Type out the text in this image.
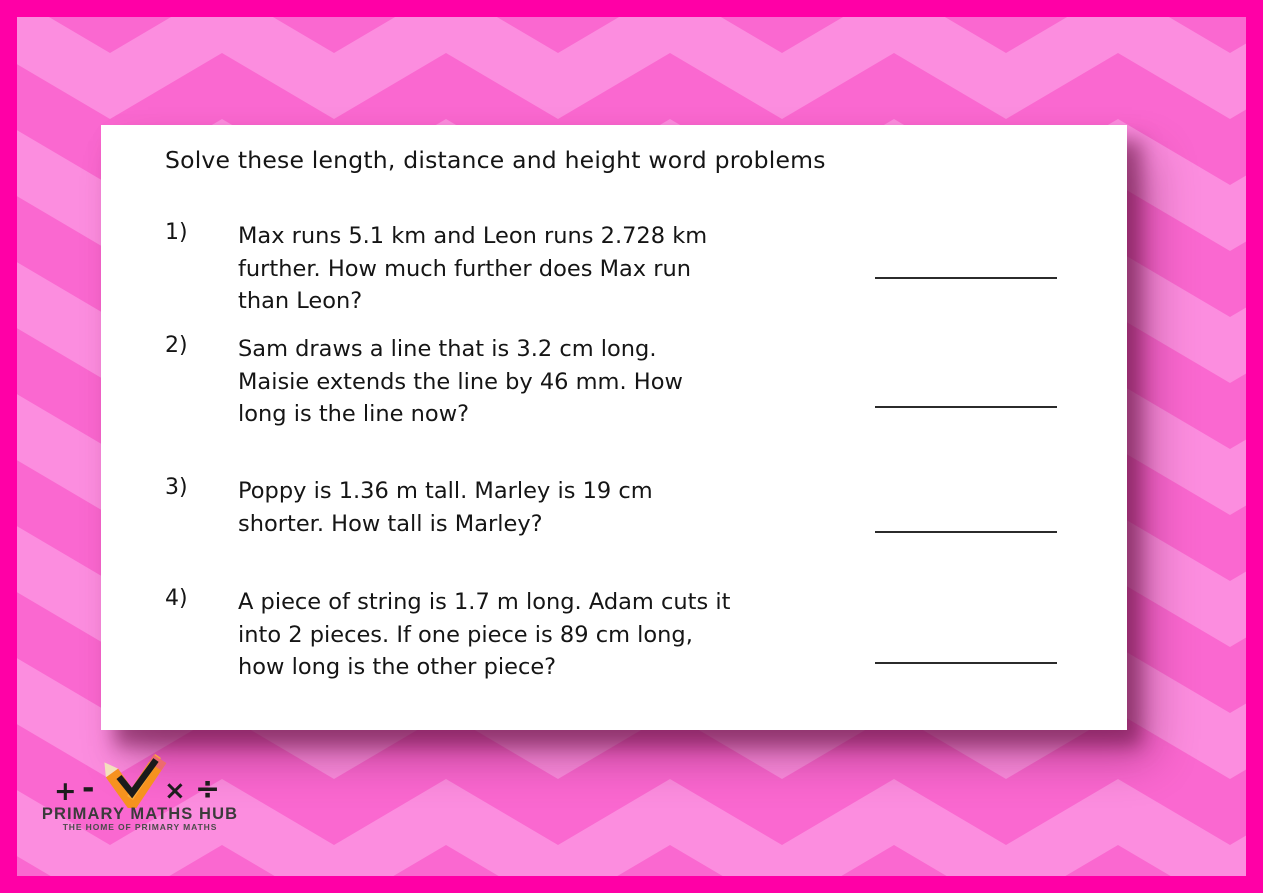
Solve these length, distance and height word problems
1)	Max runs 5.1 km and Leon runs 2.728 km
further. How much further does Max run
than Leon?
2)	Sam draws a line that is 3.2 cm long.
Maisie extends the line by 46 mm. How
long is the line now?
3)	Poppy is 1.36 m tall. Marley is 19 cm
shorter. How tall is Marley?
4)	A piece of string is 1.7 m long. Adam cuts it
into 2 pieces. If one piece is 89 cm long,
how long is the other piece?
+ -	× ÷
PRIMARY MATHS HUB
THE HOME OF PRIMARY MATHS
